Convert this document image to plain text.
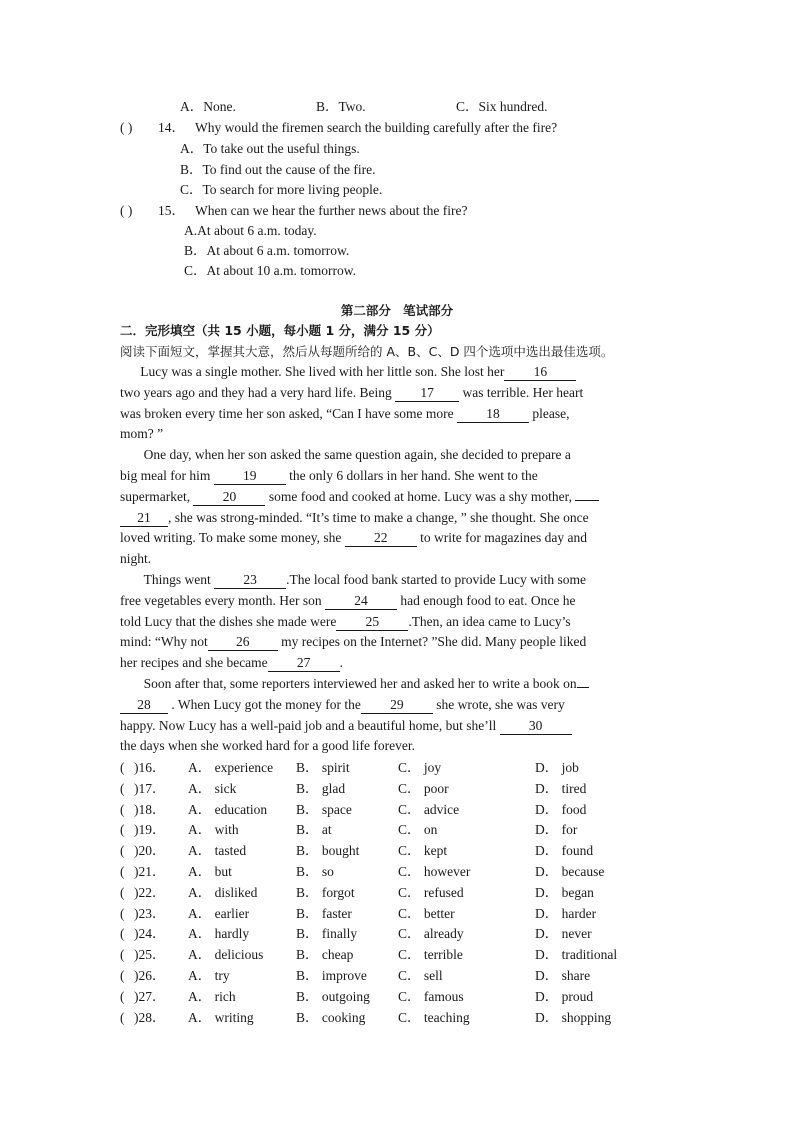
A．None.	B．Two.	C．Six hundred.
( ) 14． Why would the firemen search the building carefully after the fire?
A．To take out the useful things.
B．To find out the cause of the fire.
C．To search for more living people.
( ) 15． When can we hear the further news about the fire?
A.At about 6 a.m. today.
B．At about 6 a.m. tomorrow.
C．At about 10 a.m. tomorrow.
第二部分 笔试部分
二．完形填空（共 15 小题，每小题 1 分，满分 15 分）
阅读下面短文，掌握其大意，然后从每题所给的 A、B、C、D 四个选项中选出最佳选项。
Lucy was a single mother. She lived with her little son. She lost her 16
two years ago and they had a very hard life. Being 17 was terrible. Her heart
was broken every time her son asked, “Can I have some more 18 please,
mom? ”
One day, when her son asked the same question again, she decided to prepare a
big meal for him 19 the only 6 dollars in her hand. She went to the
supermarket, 20 some food and cooked at home. Lucy was a shy mother,
21 , she was strong-minded. “It’s time to make a change, ” she thought. She once
loved writing. To make some money, she 22 to write for magazines day and
night.
Things went 23 .The local food bank started to provide Lucy with some
free vegetables every month. Her son 24 had enough food to eat. Once he
told Lucy that the dishes she made were 25 .Then, an idea came to Lucy’s
mind: “Why not 26 my recipes on the Internet? ”She did. Many people liked
her recipes and she became 27 .
Soon after that, some reporters interviewed her and asked her to write a book on
28 . When Lucy got the money for the 29 she wrote, she was very
happy. Now Lucy has a well-paid job and a beautiful home, but she’ll 30
the days when she worked hard for a good life forever.
( )16． A． experience B． spirit	C． joy	D． job
( )17． A． sick	B． glad	C． poor	D． tired
( )18． A． education B． space	C． advice	D． food
( )19． A． with	B． at	C． on	D． for
( )20． A． tasted	B． bought	C． kept	D． found
( )21． A． but	B． so	C． however	D． because
( )22． A． disliked	B． forgot	C． refused	D． began
( )23． A． earlier	B． faster	C． better	D． harder
( )24． A． hardly	B． finally	C． already	D． never
( )25． A． delicious B． cheap	C． terrible	D． traditional
( )26． A． try	B． improve C． sell	D． share
( )27． A． rich	B． outgoing C． famous	D． proud
( )28． A． writing	B． cooking C． teaching	D． shopping
